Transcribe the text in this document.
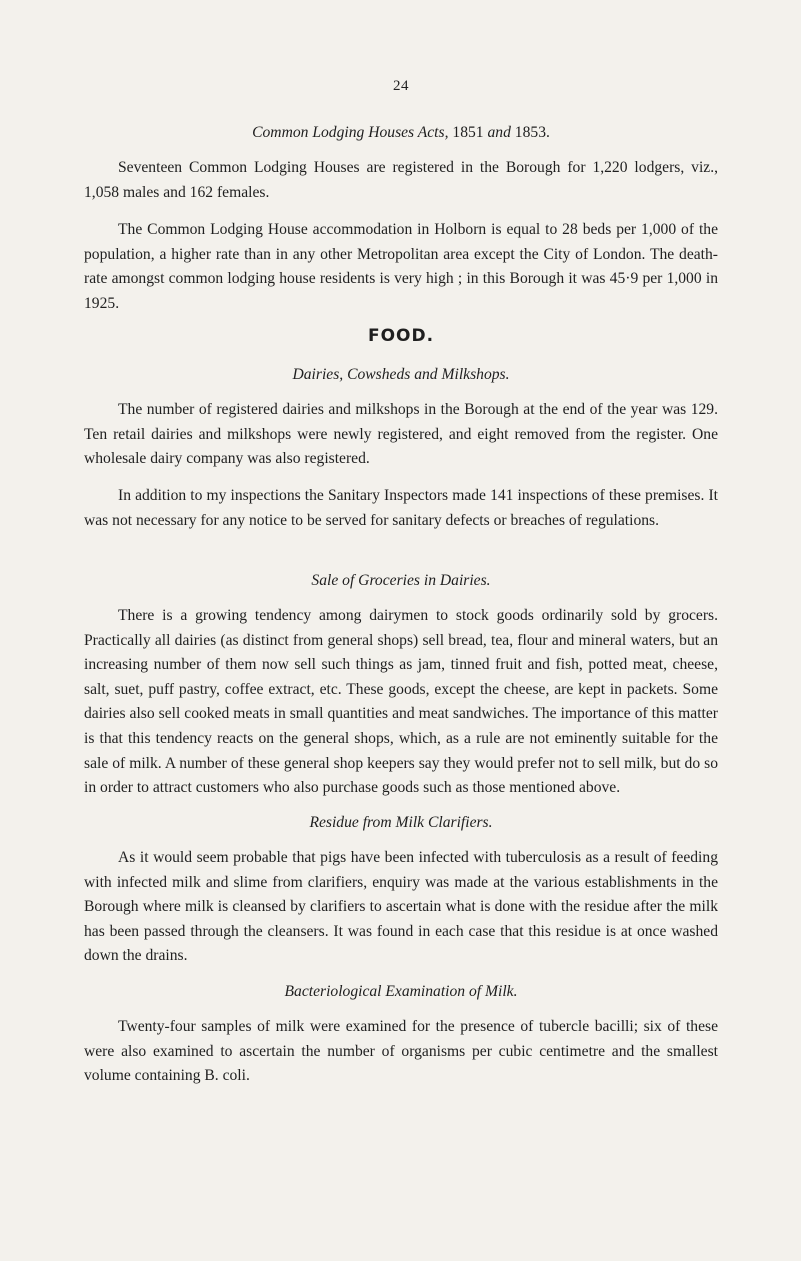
24
Common Lodging Houses Acts, 1851 and 1853.
Seventeen Common Lodging Houses are registered in the Borough for 1,220 lodgers, viz., 1,058 males and 162 females.
The Common Lodging House accommodation in Holborn is equal to 28 beds per 1,000 of the population, a higher rate than in any other Metropolitan area except the City of London. The death-rate amongst common lodging house residents is very high ; in this Borough it was 45·9 per 1,000 in 1925.
FOOD.
Dairies, Cowsheds and Milkshops.
The number of registered dairies and milkshops in the Borough at the end of the year was 129. Ten retail dairies and milkshops were newly registered, and eight removed from the register. One wholesale dairy company was also registered.
In addition to my inspections the Sanitary Inspectors made 141 inspections of these premises. It was not necessary for any notice to be served for sanitary defects or breaches of regulations.
Sale of Groceries in Dairies.
There is a growing tendency among dairymen to stock goods ordinarily sold by grocers. Practically all dairies (as distinct from general shops) sell bread, tea, flour and mineral waters, but an increasing number of them now sell such things as jam, tinned fruit and fish, potted meat, cheese, salt, suet, puff pastry, coffee extract, etc. These goods, except the cheese, are kept in packets. Some dairies also sell cooked meats in small quantities and meat sandwiches. The importance of this matter is that this tendency reacts on the general shops, which, as a rule are not eminently suitable for the sale of milk. A number of these general shop keepers say they would prefer not to sell milk, but do so in order to attract customers who also purchase goods such as those mentioned above.
Residue from Milk Clarifiers.
As it would seem probable that pigs have been infected with tuberculosis as a result of feeding with infected milk and slime from clarifiers, enquiry was made at the various establishments in the Borough where milk is cleansed by clarifiers to ascertain what is done with the residue after the milk has been passed through the cleansers. It was found in each case that this residue is at once washed down the drains.
Bacteriological Examination of Milk.
Twenty-four samples of milk were examined for the presence of tubercle bacilli; six of these were also examined to ascertain the number of organisms per cubic centimetre and the smallest volume containing B. coli.
